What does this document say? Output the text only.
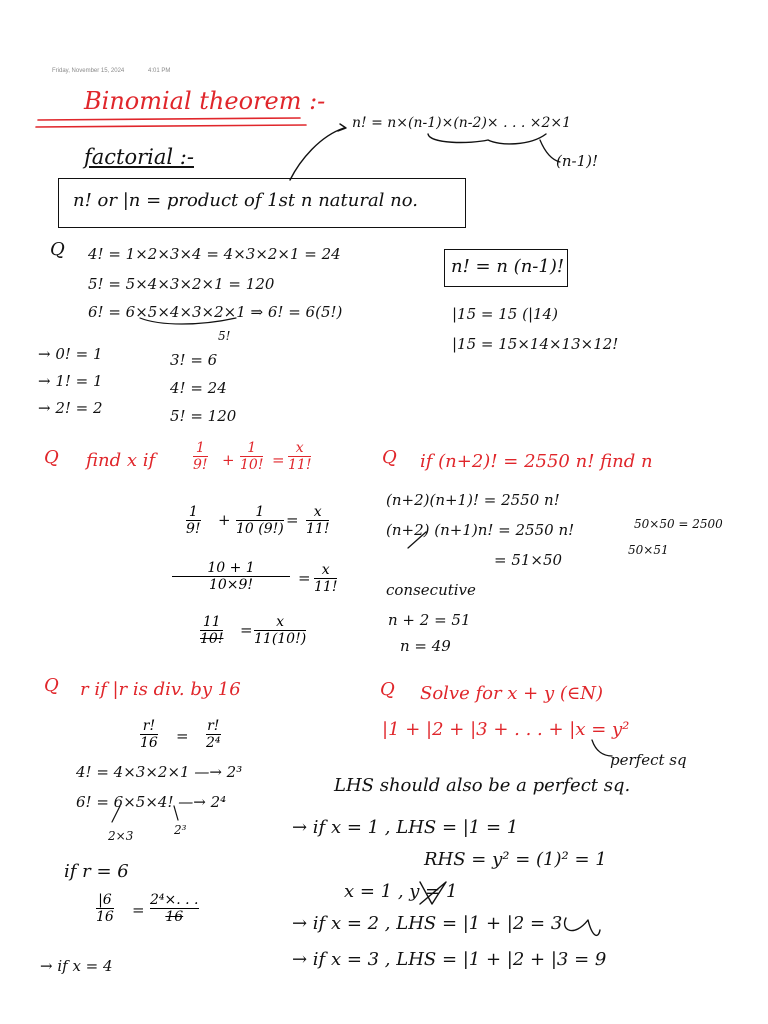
Friday, November 15, 2024	4:01 PM
Binomial theorem :-
n! = n×(n-1)×(n-2)× . . . ×2×1
(n-1)!
factorial :-
n! or |n = product of 1st n natural no.
Q 4! = 1×2×3×4 = 4×3×2×1 = 24
5! = 5×4×3×2×1 = 120
6! = 6×5×4×3×2×1 ⇒ 6! = 6(5!)
5!
→ 0! = 1
→ 1! = 1
→ 2! = 2
3! = 6
4! = 24
5! = 120
n! = n (n-1)!
|15 = 15 (|14)
|15 = 15×14×13×12!
Q find x if
1
9! +
1
10! =
x
11!
1
9!
+ 1
10 (9!)
= x
11!
10 + 1
10×9!	= x
11!
11
10!
= x
11(10!)
Q if (n+2)! = 2550 n! find n
(n+2)(n+1)! = 2550 n!
(n+2) (n+1)n! = 2550 n!
= 51×50
consecutive
n + 2 = 51
n = 49
50×50 = 2500
50×51
Q r if |r is div. by 16
r!
16 =
r!
2⁴
4! = 4×3×2×1 —→ 2³
6! = 6×5×4! —→ 2⁴
2×3	2³
if r = 6
|6
16 =
2⁴×. . .
16
→ if x = 4
Q Solve for x + y (∈N)
|1 + |2 + |3 + . . . + |x = y²
perfect sq
LHS should also be a perfect sq.
→ if x = 1 , LHS = |1 = 1
RHS = y² = (1)² = 1
x = 1 , y = 1
→ if x = 2 , LHS = |1 + |2 = 3
→ if x = 3 , LHS = |1 + |2 + |3 = 9
